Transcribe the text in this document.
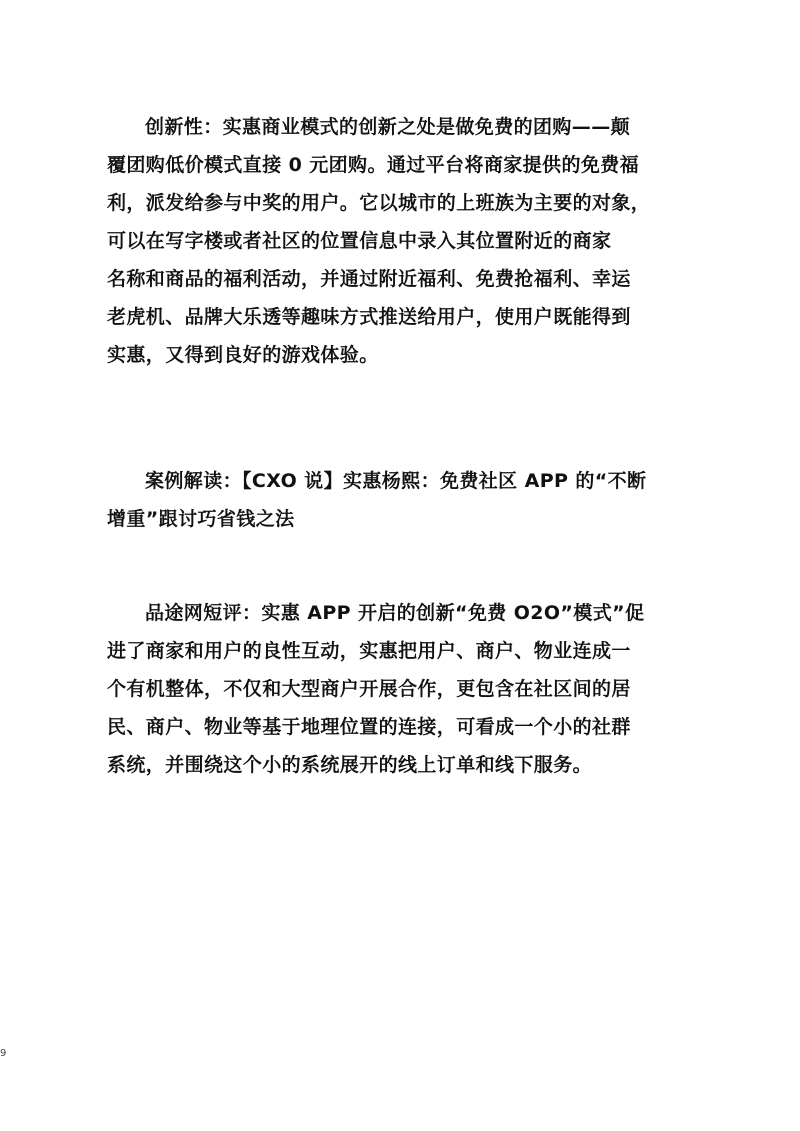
创新性：实惠商业模式的创新之处是做免费的团购——颠
覆团购低价模式直接 0 元团购。通过平台将商家提供的免费福
利，派发给参与中奖的用户。它以城市的上班族为主要的对象，
可以在写字楼或者社区的位置信息中录入其位置附近的商家
名称和商品的福利活动，并通过附近福利、免费抢福利、幸运
老虎机、品牌大乐透等趣味方式推送给用户，使用户既能得到
实惠，又得到良好的游戏体验。
案例解读：【CXO 说】实惠杨熙：免费社区 APP 的“不断
增重”跟讨巧省钱之法
品途网短评：实惠 APP 开启的创新“免费 O2O”模式”促
进了商家和用户的良性互动，实惠把用户、商户、物业连成一
个有机整体，不仅和大型商户开展合作，更包含在社区间的居
民、商户、物业等基于地理位置的连接，可看成一个小的社群
系统，并围绕这个小的系统展开的线上订单和线下服务。
9
